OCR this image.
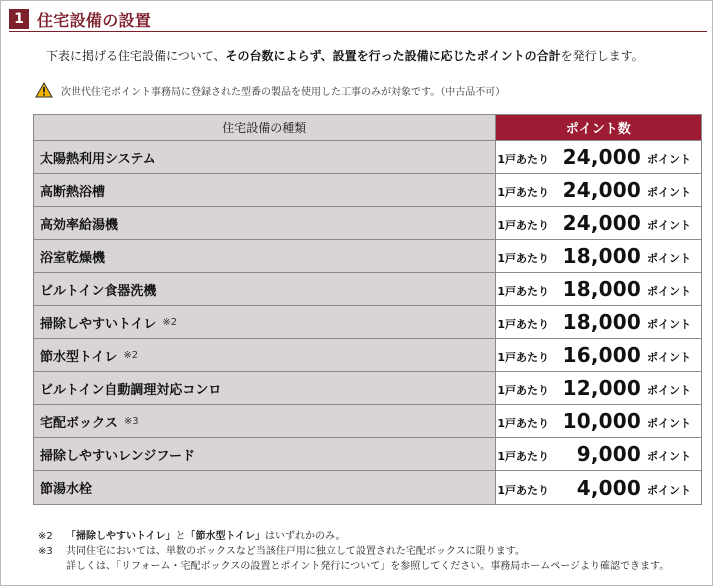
1 住宅設備の設置
下表に掲げる住宅設備について、その台数によらず、設置を行った設備に応じたポイントの合計を発行します。
次世代住宅ポイント事務局に登録された型番の製品を使用した工事のみが対象です。（中古品不可）
住宅設備の種類	ポイント数
太陽熱利用システム	1戸あたり 24,000 ポイント
高断熱浴槽	1戸あたり 24,000 ポイント
高効率給湯機	1戸あたり 24,000 ポイント
浴室乾燥機	1戸あたり 18,000 ポイント
ビルトイン食器洗機	1戸あたり 18,000 ポイント
掃除しやすいトイレ ※2	1戸あたり 18,000 ポイント
節水型トイレ ※2	1戸あたり 16,000 ポイント
ビルトイン自動調理対応コンロ	1戸あたり 12,000 ポイント
宅配ボックス ※3	1戸あたり 10,000 ポイント
掃除しやすいレンジフード	1戸あたり	9,000 ポイント
節湯水栓	1戸あたり	4,000 ポイント
※2	「掃除しやすいトイレ」と「節水型トイレ」はいずれかのみ。
※3	共同住宅においては、単数のボックスなど当該住戸用に独立して設置された宅配ボックスに限ります。
詳しくは、「リフォーム・宅配ボックスの設置とポイント発行について」を参照してください。事務局ホームページより確認できます。
